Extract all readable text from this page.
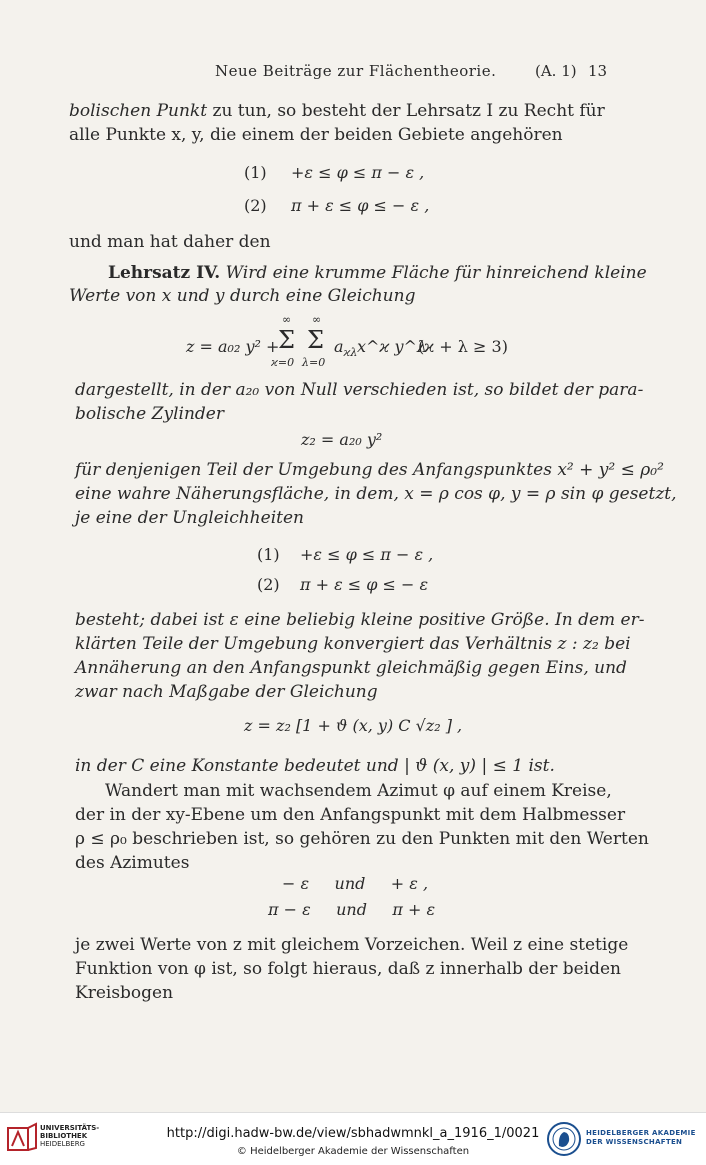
Neue Beiträge zur Flächentheorie.	(A. 1) 13
bolischen Punkt zu tun, so besteht der Lehrsatz I zu Recht für
alle Punkte x, y, die einem der beiden Gebiete angehören
(1) +ε ≤ φ ≤ π − ε ,
(2) π + ε ≤ φ ≤ − ε ,
und man hat daher den
Lehrsatz IV. Wird eine krumme Fläche für hinreichend kleine
Werte von x und y durch eine Gleichung
z = a₀₂ y² +
∞ ∞
Σ Σ
ϰ=0 λ=0
$a_{ϰ\lambda}$ x^ϰ y^λ
(ϰ + λ ≥ 3)
dargestellt, in der a₂₀ von Null verschieden ist, so bildet der para-
bolische Zylinder
z₂ = a₂₀ y²
für denjenigen Teil der Umgebung des Anfangspunktes x² + y² ≤ ρ₀²
eine wahre Näherungsfläche, in dem, x = ρ cos φ, y = ρ sin φ gesetzt,
je eine der Ungleichheiten
(1) +ε ≤ φ ≤ π − ε ,
(2) π + ε ≤ φ ≤ − ε
besteht; dabei ist ε eine beliebig kleine positive Größe. In dem er-
klärten Teile der Umgebung konvergiert das Verhältnis z : z₂ bei
Annäherung an den Anfangspunkt gleichmäßig gegen Eins, und
zwar nach Maßgabe der Gleichung
z = z₂ [1 + ϑ (x, y) C √z₂ ] ,
in der C eine Konstante bedeutet und | ϑ (x, y) | ≤ 1 ist.
Wandert man mit wachsendem Azimut φ auf einem Kreise,
der in der xy-Ebene um den Anfangspunkt mit dem Halbmesser
ρ ≤ ρ₀ beschrieben ist, so gehören zu den Punkten mit den Werten
des Azimutes
− ε     und     + ε ,
π − ε     und     π + ε
je zwei Werte von z mit gleichem Vorzeichen. Weil z eine stetige
Funktion von φ ist, so folgt hieraus, daß z innerhalb der beiden
Kreisbogen
UNIVERSITÄTS-
BIBLIOTHEK
HEIDELBERG
http://digi.hadw-bw.de/view/sbhadwmnkl_a_1916_1/0021
© Heidelberger Akademie der Wissenschaften
HEIDELBERGER AKADEMIE
DER WISSENSCHAFTEN
